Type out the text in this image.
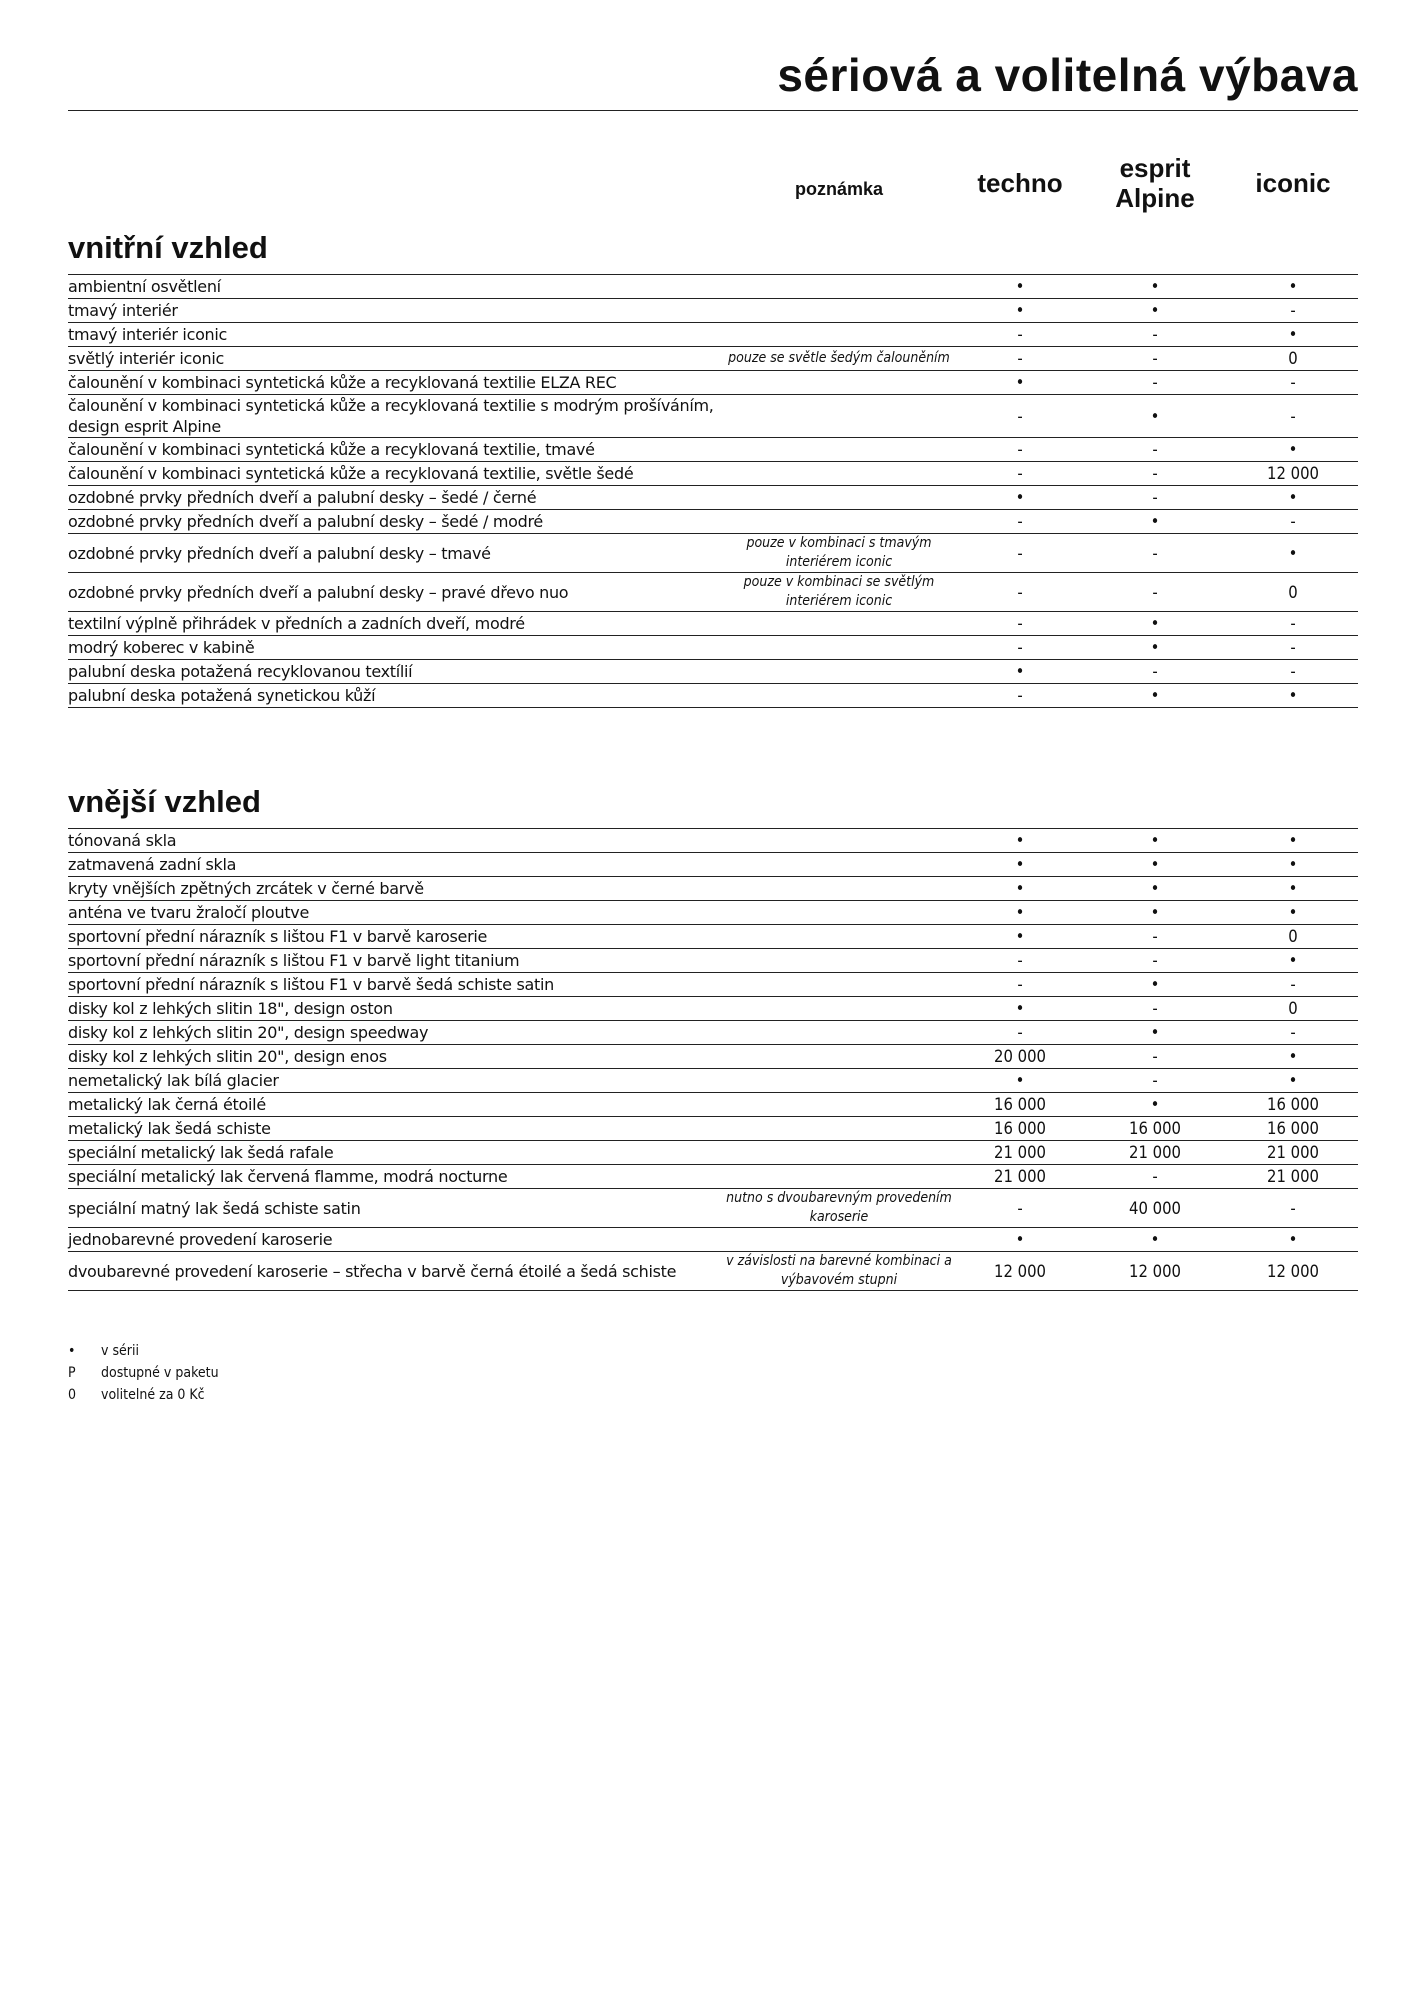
sériová a volitelná výbava
poznámka	techno	esprit Alpine	iconic
vnitřní vzhled
ambientní osvětlení		•	•	•
tmavý interiér		•	•	-
tmavý interiér iconic		-	-	•
světlý interiér iconic	pouze se světle šedým čalouněním	-	-	0
čalounění v kombinaci syntetická kůže a recyklovaná textilie ELZA REC		•	-	-
čalounění v kombinaci syntetická kůže a recyklovaná textilie s modrým prošíváním, design esprit Alpine		-	•	-
čalounění v kombinaci syntetická kůže a recyklovaná textilie, tmavé		-	-	•
čalounění v kombinaci syntetická kůže a recyklovaná textilie, světle šedé		-	-	12 000
ozdobné prvky předních dveří a palubní desky – šedé / černé		•	-	•
ozdobné prvky předních dveří a palubní desky – šedé / modré		-	•	-
ozdobné prvky předních dveří a palubní desky – tmavé	pouze v kombinaci s tmavým interiérem iconic	-	-	•
ozdobné prvky předních dveří a palubní desky – pravé dřevo nuo	pouze v kombinaci se světlým interiérem iconic	-	-	0
textilní výplně přihrádek v předních a zadních dveří, modré		-	•	-
modrý koberec v kabině		-	•	-
palubní deska potažená recyklovanou textílií		•	-	-
palubní deska potažená synetickou kůží		-	•	•
vnější vzhled
tónovaná skla		•	•	•
zatmavená zadní skla		•	•	•
kryty vnějších zpětných zrcátek v černé barvě		•	•	•
anténa ve tvaru žraločí ploutve		•	•	•
sportovní přední nárazník s lištou F1 v barvě karoserie		•	-	0
sportovní přední nárazník s lištou F1 v barvě light titanium		-	-	•
sportovní přední nárazník s lištou F1 v barvě šedá schiste satin		-	•	-
disky kol z lehkých slitin 18", design oston		•	-	0
disky kol z lehkých slitin 20", design speedway		-	•	-
disky kol z lehkých slitin 20", design enos		20 000	-	•
nemetalický lak bílá glacier		•	-	•
metalický lak černá étoilé		16 000	•	16 000
metalický lak šedá schiste		16 000	16 000	16 000
speciální metalický lak šedá rafale		21 000	21 000	21 000
speciální metalický lak červená flamme, modrá nocturne		21 000	-	21 000
speciální matný lak šedá schiste satin	nutno s dvoubarevným provedením karoserie	-	40 000	-
jednobarevné provedení karoserie		•	•	•
dvoubarevné provedení karoserie – střecha v barvě černá étoilé a šedá schiste	v závislosti na barevné kombinaci a výbavovém stupni	12 000	12 000	12 000
• v sérii
P dostupné v paketu
0 volitelné za 0 Kč
